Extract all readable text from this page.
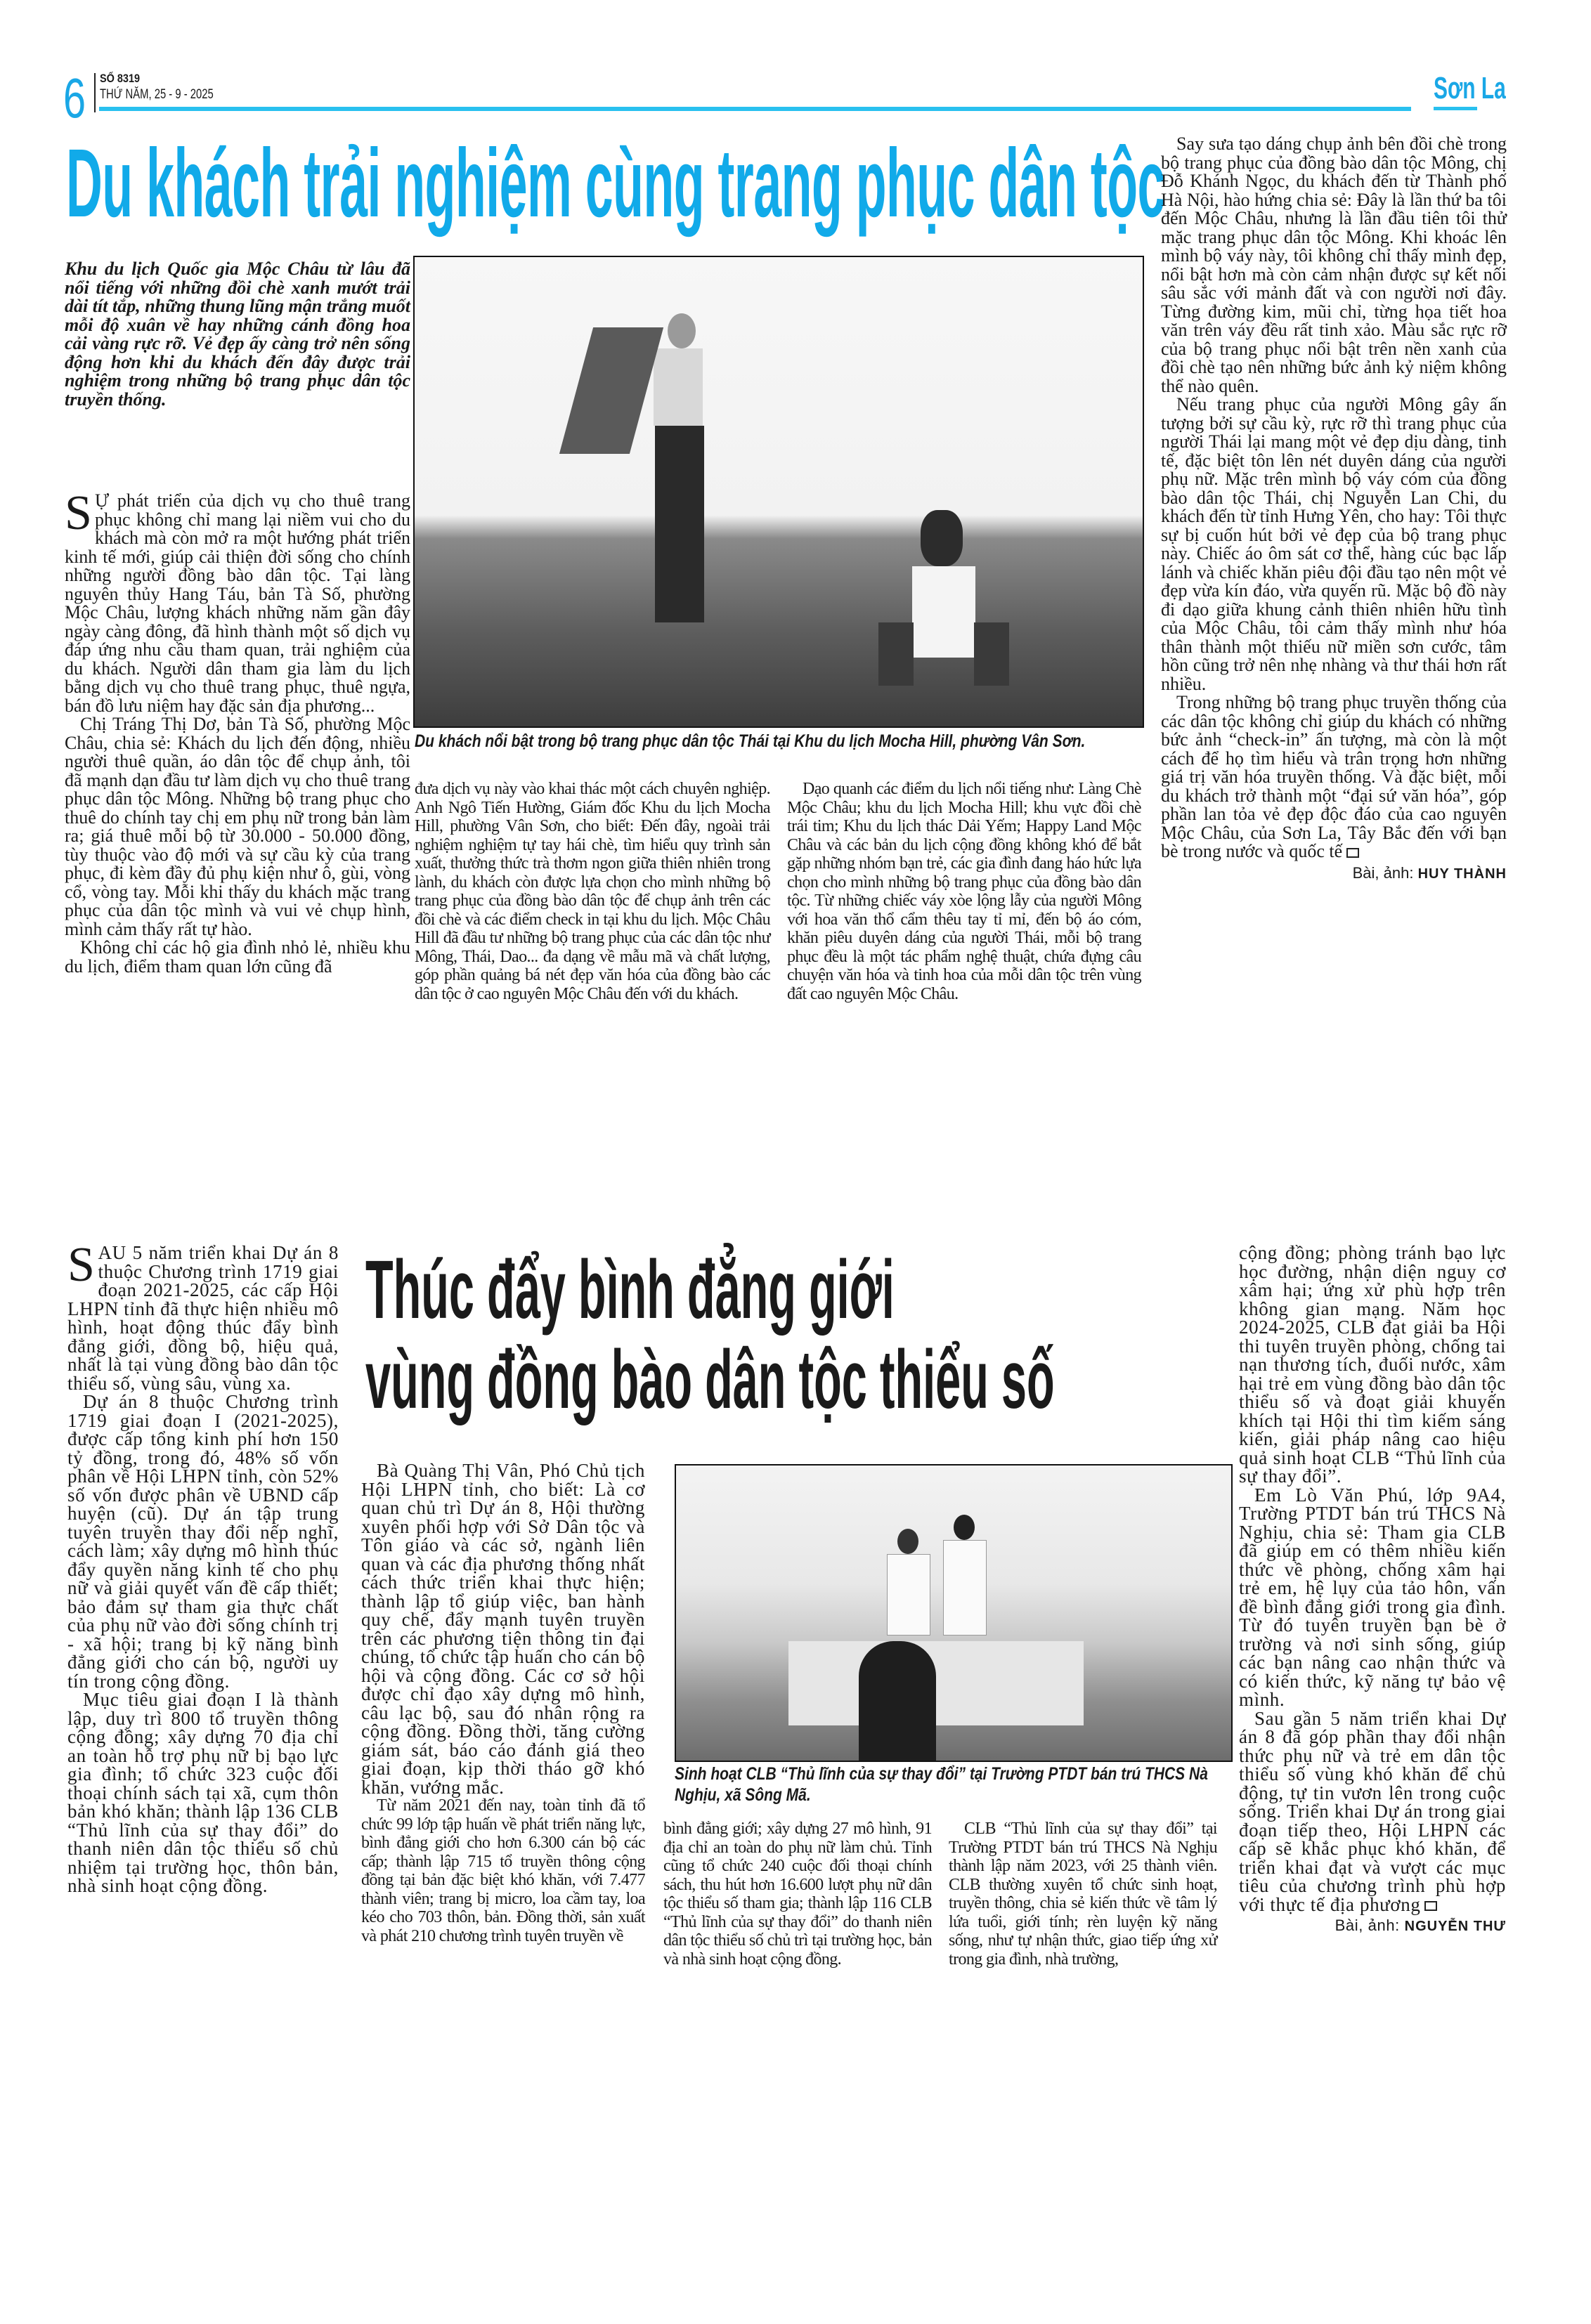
6 SỐ 8319
THỨ NĂM, 25 - 9 - 2025	Sơn La
Du khách trải nghiệm cùng trang phục dân tộc
Khu du lịch Quốc gia Mộc Châu từ lâu đã nổi tiếng với những đồi chè xanh mướt trải dài tít tắp, những thung lũng mận trắng muốt mỗi độ xuân về hay những cánh đồng hoa cải vàng rực rỡ. Vẻ đẹp ấy càng trở nên sống động hơn khi du khách đến đây được trải nghiệm trong những bộ trang phục dân tộc truyền thống.

S Ự phát triển của dịch vụ cho thuê trang phục không chỉ mang lại niềm vui cho du khách mà còn mở ra một hướng phát triển kinh tế mới, giúp cải thiện đời sống cho chính những người đồng bào dân tộc. Tại làng nguyên thủy Hang Táu, bản Tà Số, phường Mộc Châu, lượng khách những năm gần đây ngày càng đông, đã hình thành một số dịch vụ đáp ứng nhu cầu tham quan, trải nghiệm của du khách. Người dân tham gia làm du lịch bằng dịch vụ cho thuê trang phục, thuê ngựa, bán đồ lưu niệm hay đặc sản địa phương...

Chị Tráng Thị Dơ, bản Tà Số, phường Mộc Châu, chia sẻ: Khách du lịch đến động, nhiều người thuê quần, áo dân tộc để chụp ảnh, tôi đã mạnh dạn đầu tư làm dịch vụ cho thuê trang phục dân tộc Mông. Những bộ trang phục cho thuê do chính tay chị em phụ nữ trong bản làm ra; giá thuê mỗi bộ từ 30.000 - 50.000 đồng, tùy thuộc vào độ mới và sự cầu kỳ của trang phục, đi kèm đầy đủ phụ kiện như ô, gùi, vòng cổ, vòng tay. Mỗi khi thấy du khách mặc trang phục của dân tộc mình và vui vẻ chụp hình, mình cảm thấy rất tự hào.

Không chỉ các hộ gia đình nhỏ lẻ, nhiều khu du lịch, điểm tham quan lớn cũng đã

Du khách nổi bật trong bộ trang phục dân tộc Thái tại Khu du lịch Mocha Hill, phường Vân Sơn.

đưa dịch vụ này vào khai thác một cách chuyên nghiệp. Anh Ngô Tiến Hường, Giám đốc Khu du lịch Mocha Hill, phường Vân Sơn, cho biết: Đến đây, ngoài trải nghiệm nghiệm tự tay hái chè, tìm hiểu quy trình sản xuất, thưởng thức trà thơm ngon giữa thiên nhiên trong lành, du khách còn được lựa chọn cho mình những bộ trang phục của đồng bào dân tộc để chụp ảnh trên các đồi chè và các điểm check in tại khu du lịch. Mộc Châu Hill đã đầu tư những bộ trang phục của các dân tộc như Mông, Thái, Dao... đa dạng về mẫu mã và chất lượng, góp phần quảng bá nét đẹp văn hóa của đồng bào các dân tộc ở cao nguyên Mộc Châu đến với du khách.

Dạo quanh các điểm du lịch nổi tiếng như: Làng Chè Mộc Châu; khu du lịch Mocha Hill; khu vực đồi chè trái tim; Khu du lịch thác Dải Yếm; Happy Land Mộc Châu và các bản du lịch cộng đồng không khó để bắt gặp những nhóm bạn trẻ, các gia đình đang háo hức lựa chọn cho mình những bộ trang phục của đồng bào dân tộc. Từ những chiếc váy xòe lộng lẫy của người Mông với hoa văn thổ cẩm thêu tay tỉ mỉ, đến bộ áo cóm, khăn piêu duyên dáng của người Thái, mỗi bộ trang phục đều là một tác phẩm nghệ thuật, chứa đựng câu chuyện văn hóa và tinh hoa của mỗi dân tộc trên vùng đất cao nguyên Mộc Châu.

Say sưa tạo dáng chụp ảnh bên đồi chè trong bộ trang phục của đồng bào dân tộc Mông, chị Đỗ Khánh Ngọc, du khách đến từ Thành phố Hà Nội, hào hứng chia sẻ: Đây là lần thứ ba tôi đến Mộc Châu, nhưng là lần đầu tiên tôi thử mặc trang phục dân tộc Mông. Khi khoác lên mình bộ váy này, tôi không chỉ thấy mình đẹp, nổi bật hơn mà còn cảm nhận được sự kết nối sâu sắc với mảnh đất và con người nơi đây. Từng đường kim, mũi chỉ, từng họa tiết hoa văn trên váy đều rất tinh xảo. Màu sắc rực rỡ của bộ trang phục nổi bật trên nền xanh của đồi chè tạo nên những bức ảnh kỷ niệm không thể nào quên.

Nếu trang phục của người Mông gây ấn tượng bởi sự cầu kỳ, rực rỡ thì trang phục của người Thái lại mang một vẻ đẹp dịu dàng, tinh tế, đặc biệt tôn lên nét duyên dáng của người phụ nữ. Mặc trên mình bộ váy cóm của đồng bào dân tộc Thái, chị Nguyễn Lan Chi, du khách đến từ tỉnh Hưng Yên, cho hay: Tôi thực sự bị cuốn hút bởi vẻ đẹp của bộ trang phục này. Chiếc áo ôm sát cơ thể, hàng cúc bạc lấp lánh và chiếc khăn piêu đội đầu tạo nên một vẻ đẹp vừa kín đáo, vừa quyến rũ. Mặc bộ đồ này đi dạo giữa khung cảnh thiên nhiên hữu tình của Mộc Châu, tôi cảm thấy mình như hóa thân thành một thiếu nữ miền sơn cước, tâm hồn cũng trở nên nhẹ nhàng và thư thái hơn rất nhiều.

Trong những bộ trang phục truyền thống của các dân tộc không chỉ giúp du khách có những bức ảnh “check-in” ấn tượng, mà còn là một cách để họ tìm hiểu và trân trọng hơn những giá trị văn hóa truyền thống. Và đặc biệt, mỗi du khách trở thành một “đại sứ văn hóa”, góp phần lan tỏa vẻ đẹp độc đáo của cao nguyên Mộc Châu, của Sơn La, Tây Bắc đến với bạn bè trong nước và quốc tế

Bài, ảnh: HUY THÀNH

SAU 5 năm triển khai Dự án 8 thuộc Chương trình 1719 giai đoạn 2021-2025, các cấp Hội LHPN tỉnh đã thực hiện nhiều mô hình, hoạt động thúc đẩy bình đẳng giới, đồng bộ, hiệu quả, nhất là tại vùng đồng bào dân tộc thiểu số, vùng sâu, vùng xa.

Dự án 8 thuộc Chương trình 1719 giai đoạn I (2021-2025), được cấp tổng kinh phí hơn 150 tỷ đồng, trong đó, 48% số vốn phân về Hội LHPN tỉnh, còn 52% số vốn được phân về UBND cấp huyện (cũ). Dự án tập trung tuyên truyền thay đổi nếp nghĩ, cách làm; xây dựng mô hình thúc đẩy quyền năng kinh tế cho phụ nữ và giải quyết vấn đề cấp thiết; bảo đảm sự tham gia thực chất của phụ nữ vào đời sống chính trị - xã hội; trang bị kỹ năng bình đẳng giới cho cán bộ, người uy tín trong cộng đồng.

Mục tiêu giai đoạn I là thành lập, duy trì 800 tổ truyền thông cộng đồng; xây dựng 70 địa chỉ an toàn hỗ trợ phụ nữ bị bạo lực gia đình; tổ chức 323 cuộc đối thoại chính sách tại xã, cụm thôn bản khó khăn; thành lập 136 CLB “Thủ lĩnh của sự thay đổi” do thanh niên dân tộc thiểu số chủ nhiệm tại trường học, thôn bản, nhà sinh hoạt cộng đồng.

Thúc đẩy bình đẳng giới
vùng đồng bào dân tộc thiểu số

Bà Quàng Thị Vân, Phó Chủ tịch Hội LHPN tỉnh, cho biết: Là cơ quan chủ trì Dự án 8, Hội thường xuyên phối hợp với Sở Dân tộc và Tôn giáo và các sở, ngành liên quan và các địa phương thống nhất cách thức triển khai thực hiện; thành lập tổ giúp việc, ban hành quy chế, đẩy mạnh tuyên truyền trên các phương tiện thông tin đại chúng, tổ chức tập huấn cho cán bộ hội và cộng đồng. Các cơ sở hội được chỉ đạo xây dựng mô hình, câu lạc bộ, sau đó nhân rộng ra cộng đồng. Đồng thời, tăng cường giám sát, báo cáo đánh giá theo giai đoạn, kịp thời tháo gỡ khó khăn, vướng mắc.

Từ năm 2021 đến nay, toàn tỉnh đã tổ chức 99 lớp tập huấn về phát triển năng lực, bình đẳng giới cho hơn 6.300 cán bộ các cấp; thành lập 715 tổ truyền thông cộng đồng tại bản đặc biệt khó khăn, với 7.477 thành viên; trang bị micro, loa cầm tay, loa kéo cho 703 thôn, bản. Đồng thời, sản xuất và phát 210 chương trình tuyên truyền về

Sinh hoạt CLB “Thủ lĩnh của sự thay đổi” tại Trường PTDT bán trú THCS Nà Nghịu, xã Sông Mã.

bình đẳng giới; xây dựng 27 mô hình, 91 địa chỉ an toàn do phụ nữ làm chủ. Tỉnh cũng tổ chức 240 cuộc đối thoại chính sách, thu hút hơn 16.600 lượt phụ nữ dân tộc thiểu số tham gia; thành lập 116 CLB “Thủ lĩnh của sự thay đổi” do thanh niên dân tộc thiểu số chủ trì tại trường học, bản và nhà sinh hoạt cộng đồng.

CLB “Thủ lĩnh của sự thay đổi” tại Trường PTDT bán trú THCS Nà Nghịu thành lập năm 2023, với 25 thành viên. CLB thường xuyên tổ chức sinh hoạt, truyền thông, chia sẻ kiến thức về tâm lý lứa tuổi, giới tính; rèn luyện kỹ năng sống, như tự nhận thức, giao tiếp ứng xử trong gia đình, nhà trường,

cộng đồng; phòng tránh bạo lực học đường, nhận diện nguy cơ xâm hại; ứng xử phù hợp trên không gian mạng. Năm học 2024-2025, CLB đạt giải ba Hội thi tuyên truyền phòng, chống tai nạn thương tích, đuối nước, xâm hại trẻ em vùng đồng bào dân tộc thiểu số và đoạt giải khuyến khích tại Hội thi tìm kiếm sáng kiến, giải pháp nâng cao hiệu quả sinh hoạt CLB “Thủ lĩnh của sự thay đổi”.

Em Lò Văn Phú, lớp 9A4, Trường PTDT bán trú THCS Nà Nghịu, chia sẻ: Tham gia CLB đã giúp em có thêm nhiều kiến thức về phòng, chống xâm hại trẻ em, hệ lụy của tảo hôn, vấn đề bình đẳng giới trong gia đình. Từ đó tuyên truyền bạn bè ở trường và nơi sinh sống, giúp các bạn nâng cao nhận thức và có kiến thức, kỹ năng tự bảo vệ mình.

Sau gần 5 năm triển khai Dự án 8 đã góp phần thay đổi nhận thức phụ nữ và trẻ em dân tộc thiểu số vùng khó khăn để chủ động, tự tin vươn lên trong cuộc sống. Triển khai Dự án trong giai đoạn tiếp theo, Hội LHPN các cấp sẽ khắc phục khó khăn, để triển khai đạt và vượt các mục tiêu của chương trình phù hợp với thực tế địa phương

Bài, ảnh: NGUYỄN THƯ
